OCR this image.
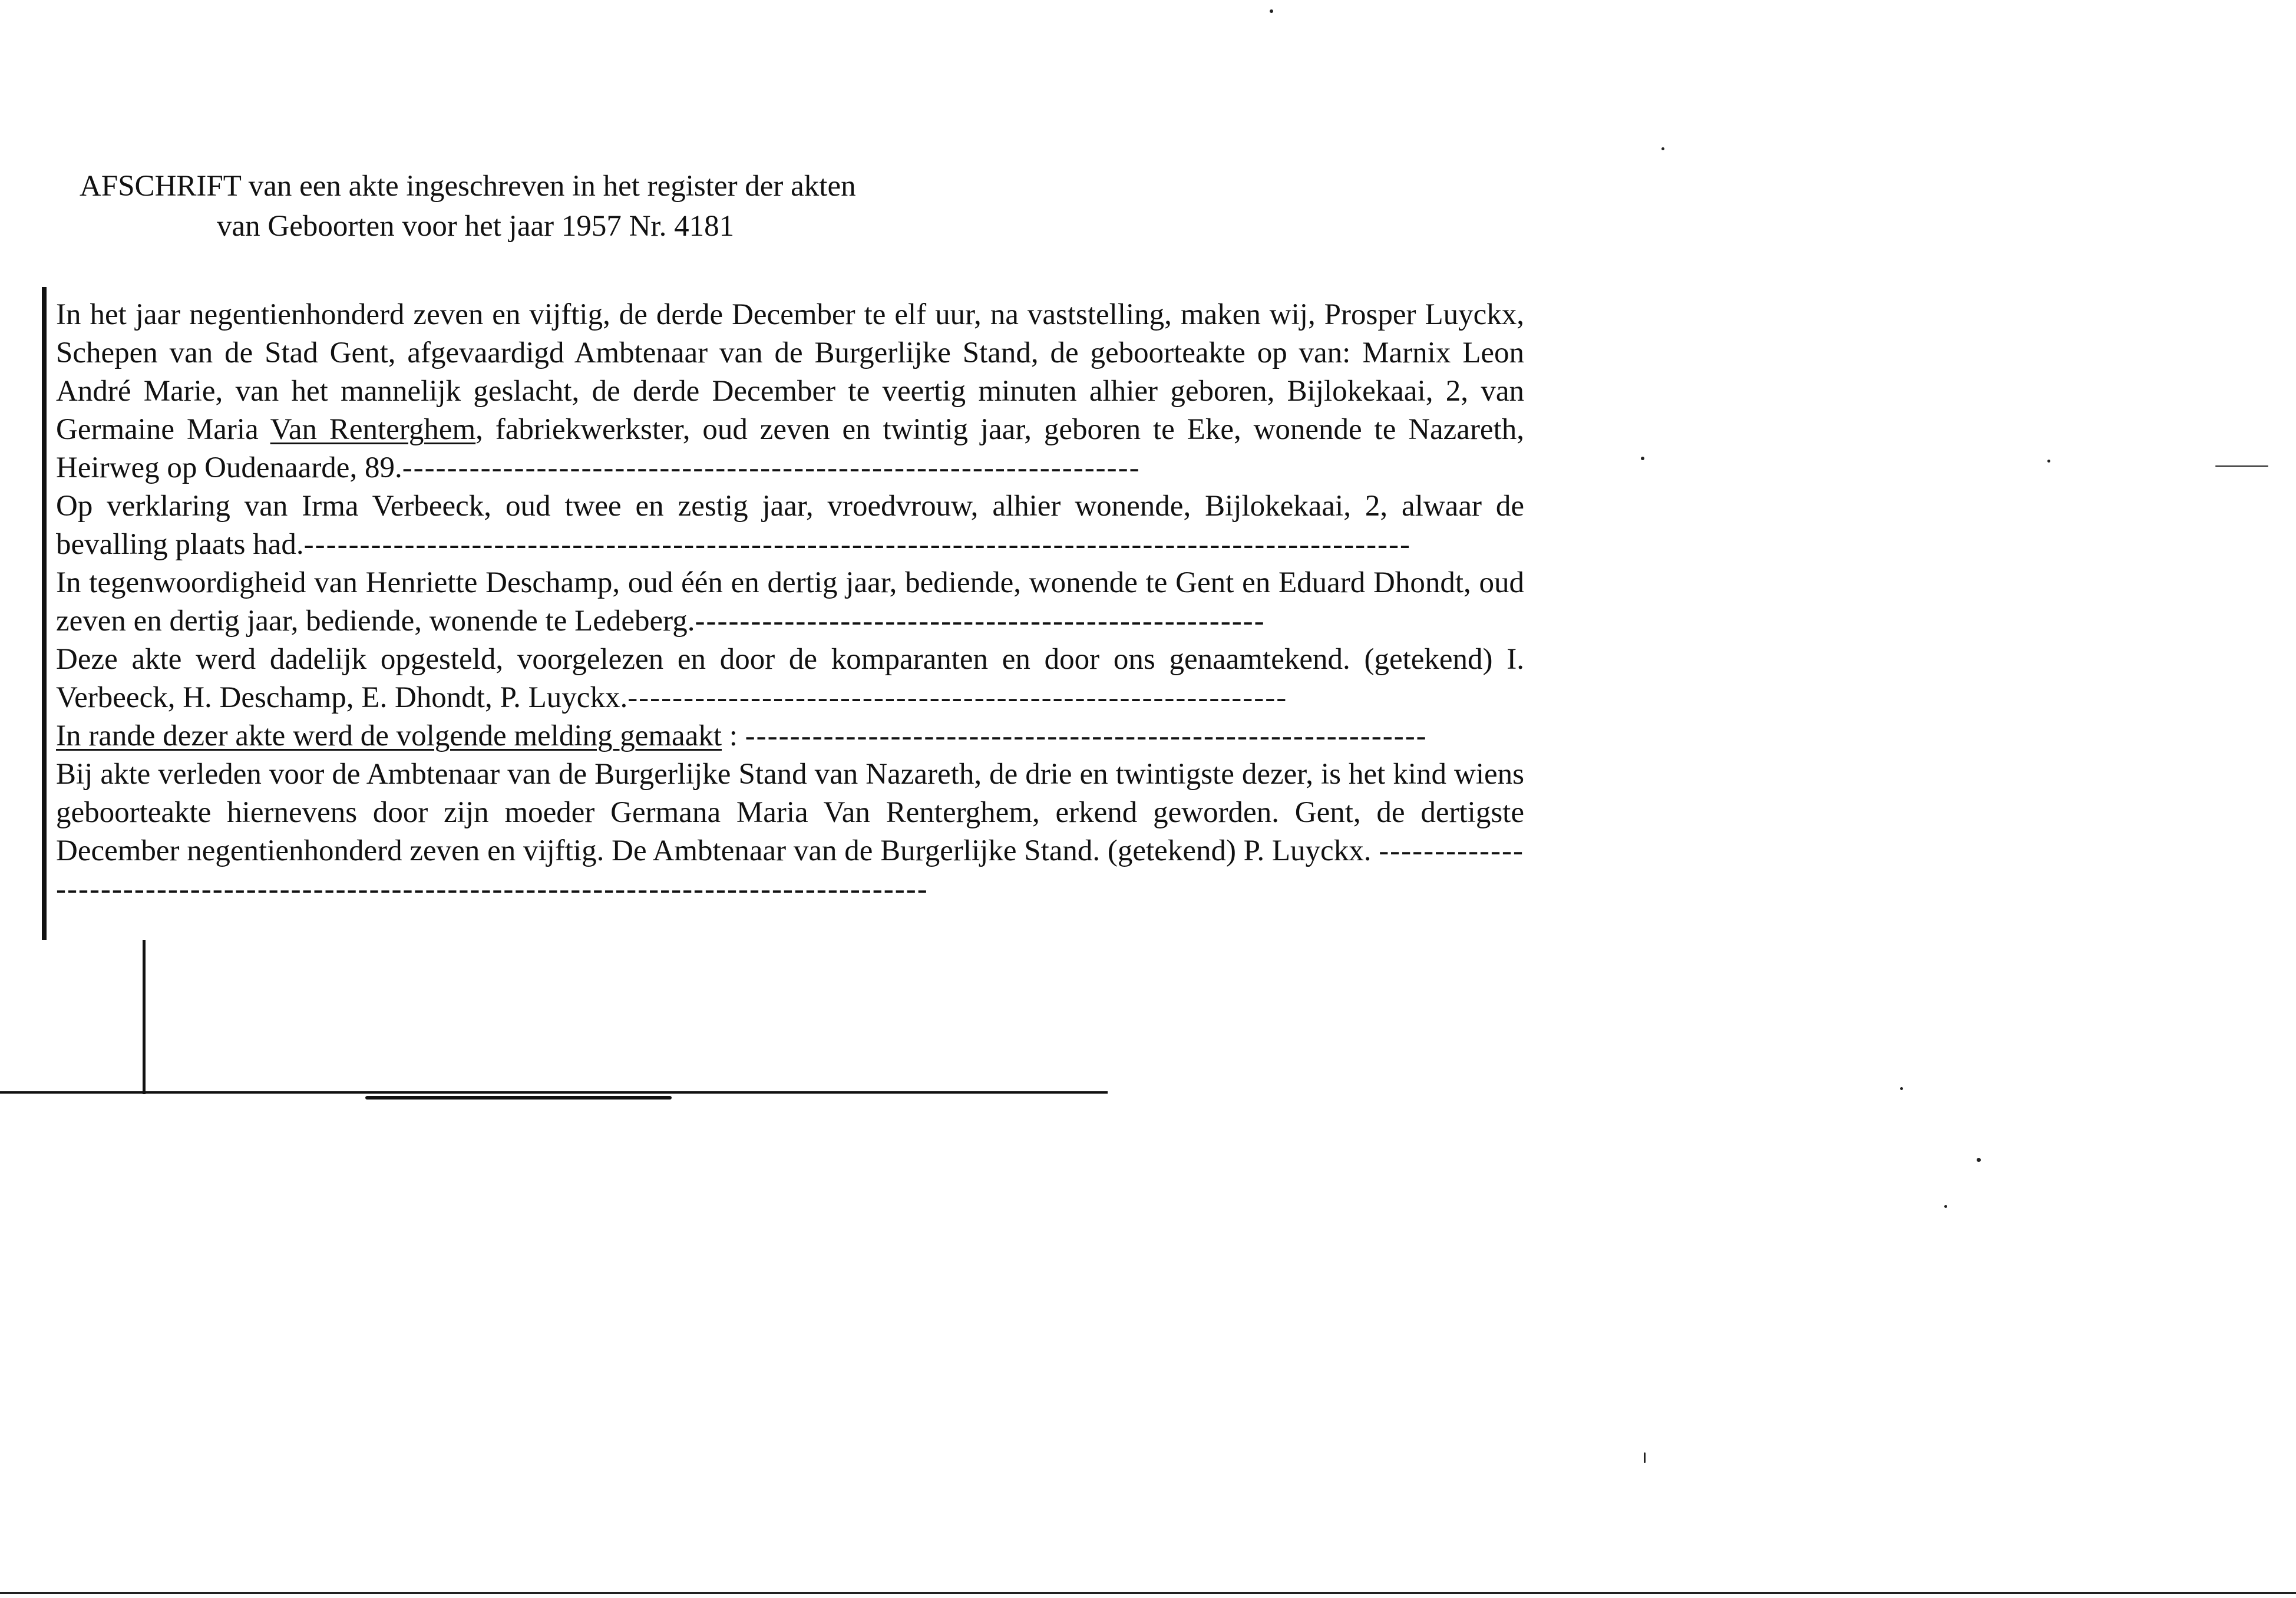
AFSCHRIFT van een akte ingeschreven in het register der akten
van Geboorten voor het jaar 1957 Nr. 4181

In het jaar negentienhonderd zeven en vijftig, de derde December te elf uur, na vaststelling, maken wij, Prosper Luyckx, Schepen van de Stad Gent, afgevaardigd Ambtenaar van de Burgerlijke Stand, de geboorteakte op van: Marnix Leon André Marie, van het mannelijk geslacht, de derde December te veertig minuten alhier geboren, Bijlokekaai, 2, van Germaine Maria Van Renterghem, fabriekwerkster, oud zeven en twintig jaar, geboren te Eke, wonende te Nazareth, Heirweg op Oudenaarde, 89.------------------------------------------------------------------

Op verklaring van Irma Verbeeck, oud twee en zestig jaar, vroedvrouw, alhier wonende, Bijlokekaai, 2, alwaar de bevalling plaats had.---------------------------------------------------------------------------------------------------

In tegenwoordigheid van Henriette Deschamp, oud één en dertig jaar, bediende, wonende te Gent en Eduard Dhondt, oud zeven en dertig jaar, bediende, wonende te Ledeberg.---------------------------------------------------

Deze akte werd dadelijk opgesteld, voorgelezen en door de komparanten en door ons genaamtekend. (getekend) I. Verbeeck, H. Deschamp, E. Dhondt, P. Luyckx.-----------------------------------------------------------

In rande dezer akte werd de volgende melding gemaakt : -------------------------------------------------------------

Bij akte verleden voor de Ambtenaar van de Burgerlijke Stand van Nazareth, de drie en twintigste dezer, is het kind wiens geboorteakte hiernevens door zijn moeder Germana Maria Van Renterghem, erkend geworden. Gent, de dertigste December negentienhonderd zeven en vijftig. De Ambtenaar van de Burgerlijke Stand. (getekend) P. Luyckx. -------------------------------------------------------------------------------------------
